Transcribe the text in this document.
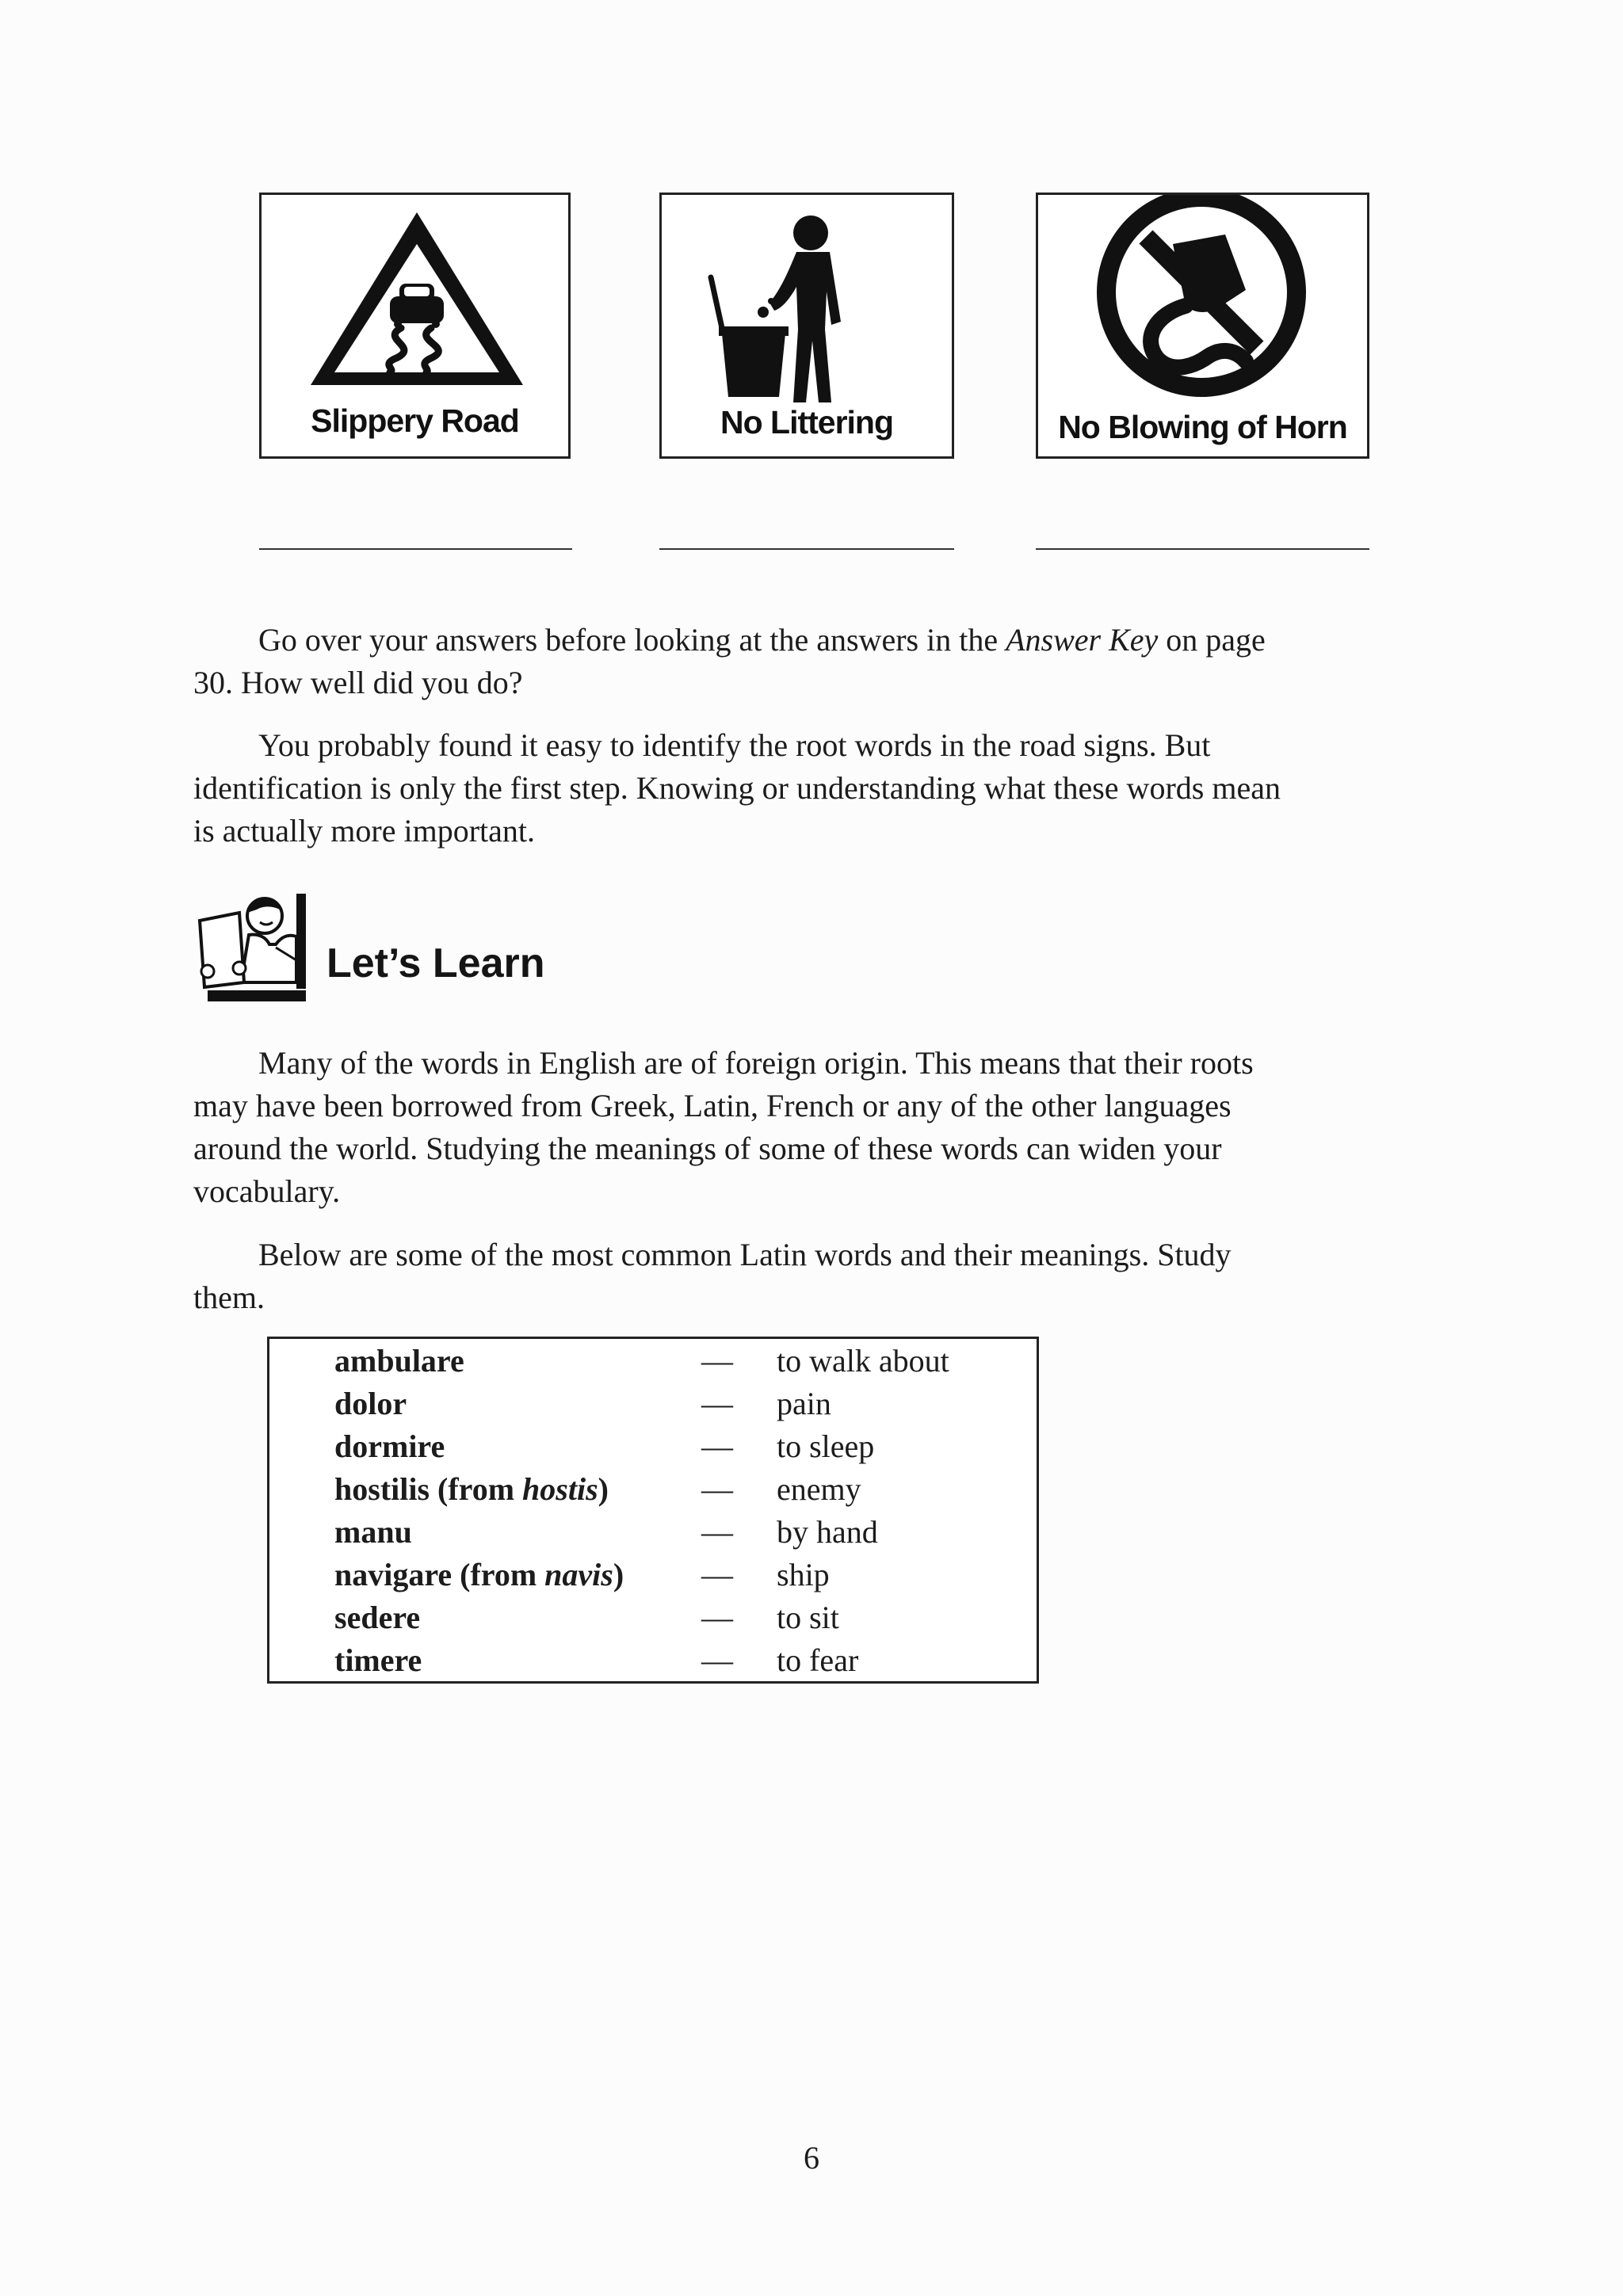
Slippery Road	No Littering	No Blowing of Horn

Go over your answers before looking at the answers in the Answer Key on page
30. How well did you do?

You probably found it easy to identify the root words in the road signs. But
identification is only the first step. Knowing or understanding what these words mean
is actually more important.

Let’s Learn

Many of the words in English are of foreign origin. This means that their roots
may have been borrowed from Greek, Latin, French or any of the other languages
around the world. Studying the meanings of some of these words can widen your
vocabulary.

Below are some of the most common Latin words and their meanings. Study
them.

ambulare	— to walk about
dolor	— pain
dormire	— to sleep
hostilis (from hostis)	— enemy
manu	— by hand
navigare (from navis) — ship
sedere	— to sit
timere	— to fear
6
